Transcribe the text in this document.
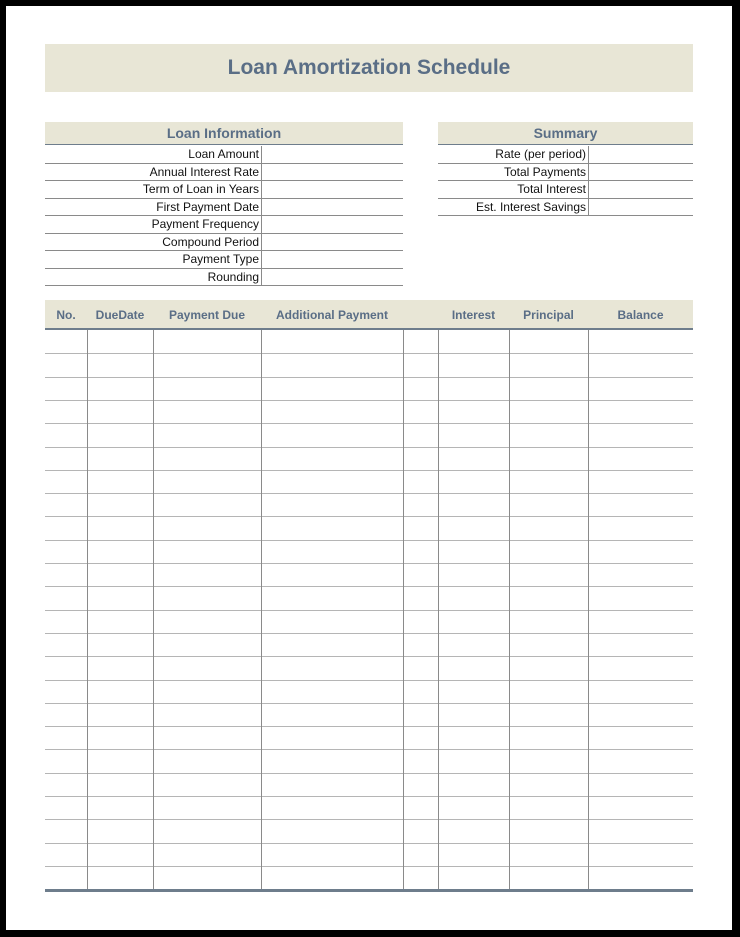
Loan Amortization Schedule
Loan Information
Loan Amount
Annual Interest Rate
Term of Loan in Years
First Payment Date
Payment Frequency
Compound Period
Payment Type
Rounding
Summary
Rate (per period)
Total Payments
Total Interest
Est. Interest Savings
No.	DueDate	Payment Due	Additional Payment	Interest	Principal	Balance
